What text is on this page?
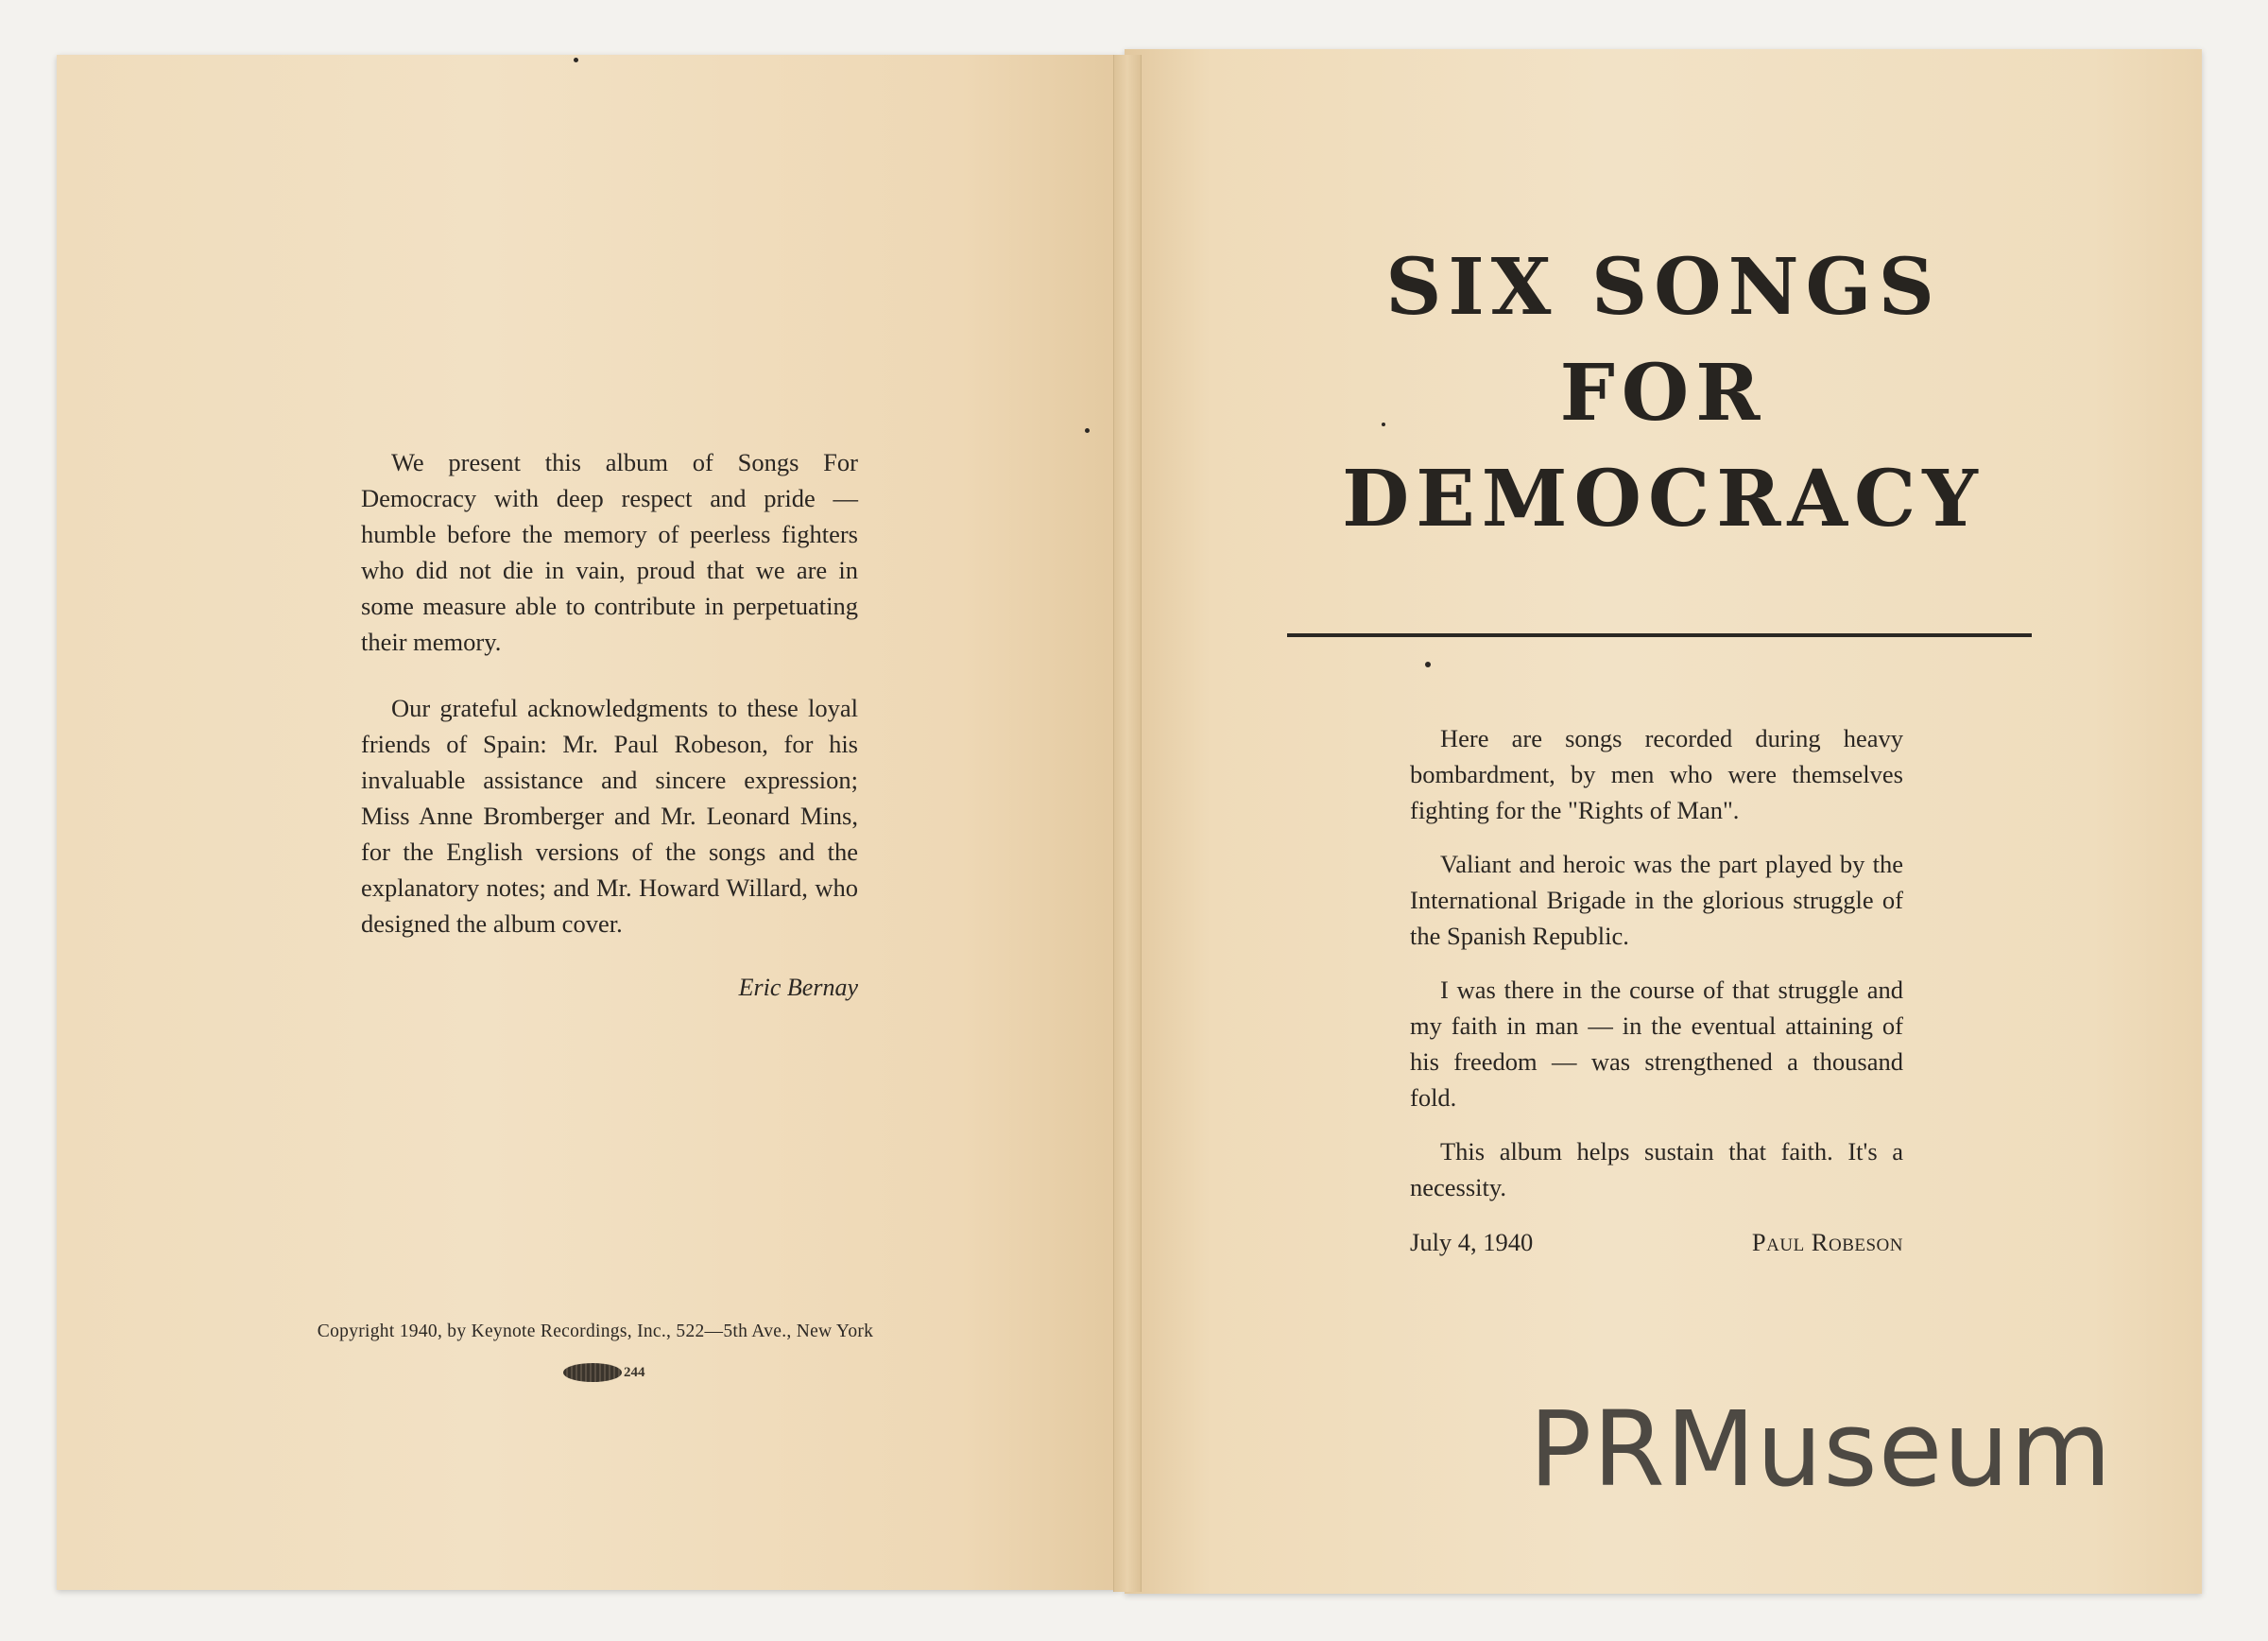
We present this album of Songs For Democracy with deep respect and pride — humble before the memory of peerless fighters who did not die in vain, proud that we are in some measure able to contribute in perpetuating their memory.

Our grateful acknowledgments to these loyal friends of Spain: Mr. Paul Robeson, for his invaluable assistance and sincere expression; Miss Anne Bromberger and Mr. Leonard Mins, for the English versions of the songs and the explanatory notes; and Mr. Howard Willard, who designed the album cover.

Eric Bernay
Copyright 1940, by Keynote Recordings, Inc., 522—5th Ave., New York
244
SIX SONGS
FOR
DEMOCRACY

Here are songs recorded during heavy bombardment, by men who were themselves fighting for the "Rights of Man".

Valiant and heroic was the part played by the International Brigade in the glorious struggle of the Spanish Republic.

I was there in the course of that struggle and my faith in man — in the eventual attaining of his freedom — was strengthened a thousand fold.

This album helps sustain that faith. It's a necessity.

July 4, 1940	Paul Robeson
PRMuseum
